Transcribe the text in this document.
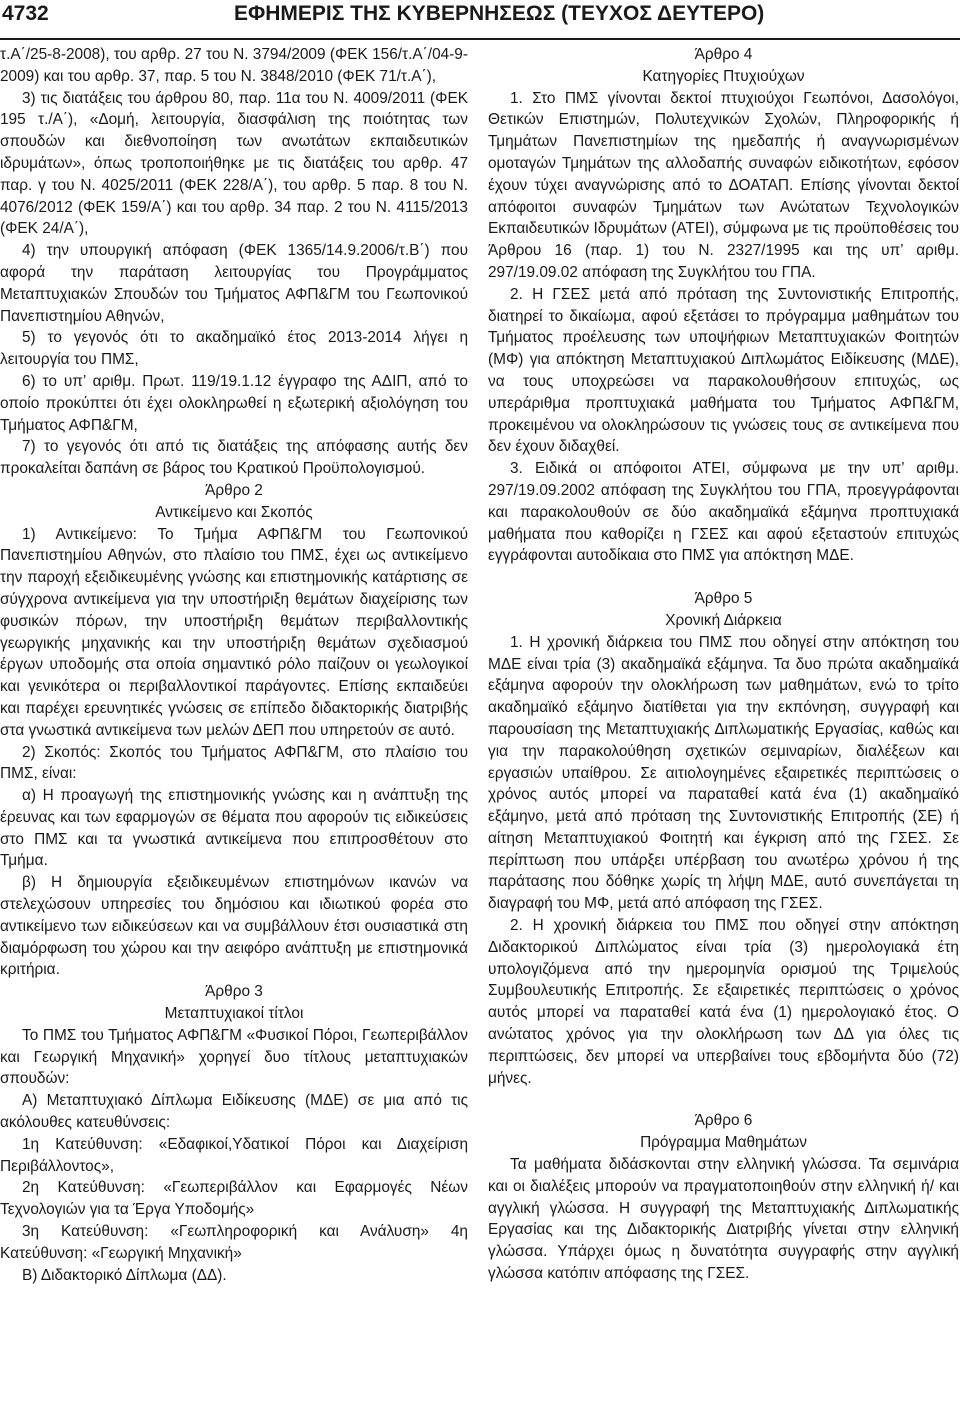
4732	ΕΦΗΜΕΡΙΣ ΤΗΣ ΚΥΒΕΡΝΗΣΕΩΣ (ΤΕΥΧΟΣ ΔΕΥΤΕΡΟ)

τ.Α΄/25-8-2008), του αρθρ. 27 του Ν. 3794/2009 (ΦΕΚ 156/τ.Α΄/04-9-2009) και του αρθρ. 37, παρ. 5 του Ν. 3848/2010 (ΦΕΚ 71/τ.Α΄),

3) τις διατάξεις του άρθρου 80, παρ. 11α του Ν. 4009/2011 (ΦΕΚ 195 τ./Α΄), «Δομή, λειτουργία, διασφάλιση της ποιότητας των σπουδών και διεθνοποίηση των ανωτάτων εκπαιδευτικών ιδρυμάτων», όπως τροποποιήθηκε με τις διατάξεις του αρθρ. 47 παρ. γ του Ν. 4025/2011 (ΦΕΚ 228/Α΄), του αρθρ. 5 παρ. 8 του Ν. 4076/2012 (ΦΕΚ 159/Α΄) και του αρθρ. 34 παρ. 2 του Ν. 4115/2013 (ΦΕΚ 24/Α΄),

4) την υπουργική απόφαση (ΦΕΚ 1365/14.9.2006/τ.Β΄) που αφορά την παράταση λειτουργίας του Προγράμματος Μεταπτυχιακών Σπουδών του Τμήματος ΑΦΠ&ΓΜ του Γεωπονικού Πανεπιστημίου Αθηνών,

5) το γεγονός ότι το ακαδημαϊκό έτος 2013-2014 λήγει η λειτουργία του ΠΜΣ,

6) το υπ’ αριθμ. Πρωτ. 119/19.1.12 έγγραφο της ΑΔΙΠ, από το οποίο προκύπτει ότι έχει ολοκληρωθεί η εξωτερική αξιολόγηση του Τμήματος ΑΦΠ&ΓΜ,

7) το γεγονός ότι από τις διατάξεις της απόφασης αυτής δεν προκαλείται δαπάνη σε βάρος του Κρατικού Προϋπολογισμού.

Άρθρο 2

Αντικείμενο και Σκοπός

1) Αντικείμενο: Το Τμήμα ΑΦΠ&ΓΜ του Γεωπονικού Πανεπιστημίου Αθηνών, στο πλαίσιο του ΠΜΣ, έχει ως αντικείμενο την παροχή εξειδικευμένης γνώσης και επιστημονικής κατάρτισης σε σύγχρονα αντικείμενα για την υποστήριξη θεμάτων διαχείρισης των φυσικών πόρων, την υποστήριξη θεμάτων περιβαλλοντικής γεωργικής μηχανικής και την υποστήριξη θεμάτων σχεδιασμού έργων υποδομής στα οποία σημαντικό ρόλο παίζουν οι γεωλογικοί και γενικότερα οι περιβαλλοντικοί παράγοντες. Επίσης εκπαιδεύει και παρέχει ερευνητικές γνώσεις σε επίπεδο διδακτορικής διατριβής στα γνωστικά αντικείμενα των μελών ΔΕΠ που υπηρετούν σε αυτό.

2) Σκοπός: Σκοπός του Τμήματος ΑΦΠ&ΓΜ, στο πλαίσιο του ΠΜΣ, είναι:

α) Η προαγωγή της επιστημονικής γνώσης και η ανάπτυξη της έρευνας και των εφαρμογών σε θέματα που αφορούν τις ειδικεύσεις στο ΠΜΣ και τα γνωστικά αντικείμενα που επιπροσθέτουν στο Τμήμα.

β) Η δημιουργία εξειδικευμένων επιστημόνων ικανών να στελεχώσουν υπηρεσίες του δημόσιου και ιδιωτικού φορέα στο αντικείμενο των ειδικεύσεων και να συμβάλλουν έτσι ουσιαστικά στη διαμόρφωση του χώρου και την αειφόρο ανάπτυξη με επιστημονικά κριτήρια.

Άρθρο 3

Μεταπτυχιακοί τίτλοι

Το ΠΜΣ του Τμήματος ΑΦΠ&ΓΜ «Φυσικοί Πόροι, Γεωπεριβάλλον και Γεωργική Μηχανική» χορηγεί δυο τίτλους μεταπτυχιακών σπουδών:

Α) Μεταπτυχιακό Δίπλωμα Ειδίκευσης (ΜΔΕ) σε μια από τις ακόλουθες κατευθύνσεις:

1η Κατεύθυνση: «Εδαφικοί,Υδατικοί Πόροι και Διαχείριση Περιβάλλοντος»,

2η Κατεύθυνση: «Γεωπεριβάλλον και Εφαρμογές Νέων Τεχνολογιών για τα Έργα Υποδομής»

3η Κατεύθυνση: «Γεωπληροφορική και Ανάλυση» 4η Κατεύθυνση: «Γεωργική Μηχανική»

Β) Διδακτορικό Δίπλωμα (ΔΔ).

Άρθρο 4

Κατηγορίες Πτυχιούχων

1. Στο ΠΜΣ γίνονται δεκτοί πτυχιούχοι Γεωπόνοι, Δασολόγοι, Θετικών Επιστημών, Πολυτεχνικών Σχολών, Πληροφορικής ή Τμημάτων Πανεπιστημίων της ημεδαπής ή αναγνωρισμένων ομοταγών Τμημάτων της αλλοδαπής συναφών ειδικοτήτων, εφόσον έχουν τύχει αναγνώρισης από το ΔΟΑΤΑΠ. Επίσης γίνονται δεκτοί απόφοιτοι συναφών Τμημάτων των Ανώτατων Τεχνολογικών Εκπαιδευτικών Ιδρυμάτων (ΑΤΕΙ), σύμφωνα με τις προϋποθέσεις του Άρθρου 16 (παρ. 1) του Ν. 2327/1995 και της υπ’ αριθμ. 297/19.09.02 απόφαση της Συγκλήτου του ΓΠΑ.

2. Η ΓΣΕΣ μετά από πρόταση της Συντονιστικής Επιτροπής, διατηρεί το δικαίωμα, αφού εξετάσει το πρόγραμμα μαθημάτων του Τμήματος προέλευσης των υποψήφιων Μεταπτυχιακών Φοιτητών (ΜΦ) για απόκτηση Μεταπτυχιακού Διπλωμάτος Ειδίκευσης (ΜΔΕ), να τους υποχρεώσει να παρακολουθήσουν επιτυχώς, ως υπεράριθμα προπτυχιακά μαθήματα του Τμήματος ΑΦΠ&ΓΜ, προκειμένου να ολοκληρώσουν τις γνώσεις τους σε αντικείμενα που δεν έχουν διδαχθεί.

3. Ειδικά οι απόφοιτοι ΑΤΕΙ, σύμφωνα με την υπ’ αριθμ. 297/19.09.2002 απόφαση της Συγκλήτου του ΓΠΑ, προεγγράφονται και παρακολουθούν σε δύο ακαδημαϊκά εξάμηνα προπτυχιακά μαθήματα που καθορίζει η ΓΣΕΣ και αφού εξεταστούν επιτυχώς εγγράφονται αυτοδίκαια στο ΠΜΣ για απόκτηση ΜΔΕ.

Άρθρο 5

Χρονική Διάρκεια

1. Η χρονική διάρκεια του ΠΜΣ που οδηγεί στην απόκτηση του ΜΔΕ είναι τρία (3) ακαδημαϊκά εξάμηνα. Τα δυο πρώτα ακαδημαϊκά εξάμηνα αφορούν την ολοκλήρωση των μαθημάτων, ενώ το τρίτο ακαδημαϊκό εξάμηνο διατίθεται για την εκπόνηση, συγγραφή και παρουσίαση της Μεταπτυχιακής Διπλωματικής Εργασίας, καθώς και για την παρακολούθηση σχετικών σεμιναρίων, διαλέξεων και εργασιών υπαίθρου. Σε αιτιολογημένες εξαιρετικές περιπτώσεις ο χρόνος αυτός μπορεί να παραταθεί κατά ένα (1) ακαδημαϊκό εξάμηνο, μετά από πρόταση της Συντονιστικής Επιτροπής (ΣΕ) ή αίτηση Μεταπτυχιακού Φοιτητή και έγκριση από της ΓΣΕΣ. Σε περίπτωση που υπάρξει υπέρβαση του ανωτέρω χρόνου ή της παράτασης που δόθηκε χωρίς τη λήψη ΜΔΕ, αυτό συνεπάγεται τη διαγραφή του ΜΦ, μετά από απόφαση της ΓΣΕΣ.

2. Η χρονική διάρκεια του ΠΜΣ που οδηγεί στην απόκτηση Διδακτορικού Διπλώματος είναι τρία (3) ημερολογιακά έτη υπολογιζόμενα από την ημερομηνία ορισμού της Τριμελούς Συμβουλευτικής Επιτροπής. Σε εξαιρετικές περιπτώσεις ο χρόνος αυτός μπορεί να παραταθεί κατά ένα (1) ημερολογιακό έτος. Ο ανώτατος χρόνος για την ολοκλήρωση των ΔΔ για όλες τις περιπτώσεις, δεν μπορεί να υπερβαίνει τους εβδομήντα δύο (72) μήνες.

Άρθρο 6

Πρόγραμμα Μαθημάτων

Τα μαθήματα διδάσκονται στην ελληνική γλώσσα. Τα σεμινάρια και οι διαλέξεις μπορούν να πραγματοποιηθούν στην ελληνική ή/ και αγγλική γλώσσα. Η συγγραφή της Μεταπτυχιακής Διπλωματικής Εργασίας και της Διδακτορικής Διατριβής γίνεται στην ελληνική γλώσσα. Υπάρχει όμως η δυνατότητα συγγραφής στην αγγλική γλώσσα κατόπιν απόφασης της ΓΣΕΣ.
